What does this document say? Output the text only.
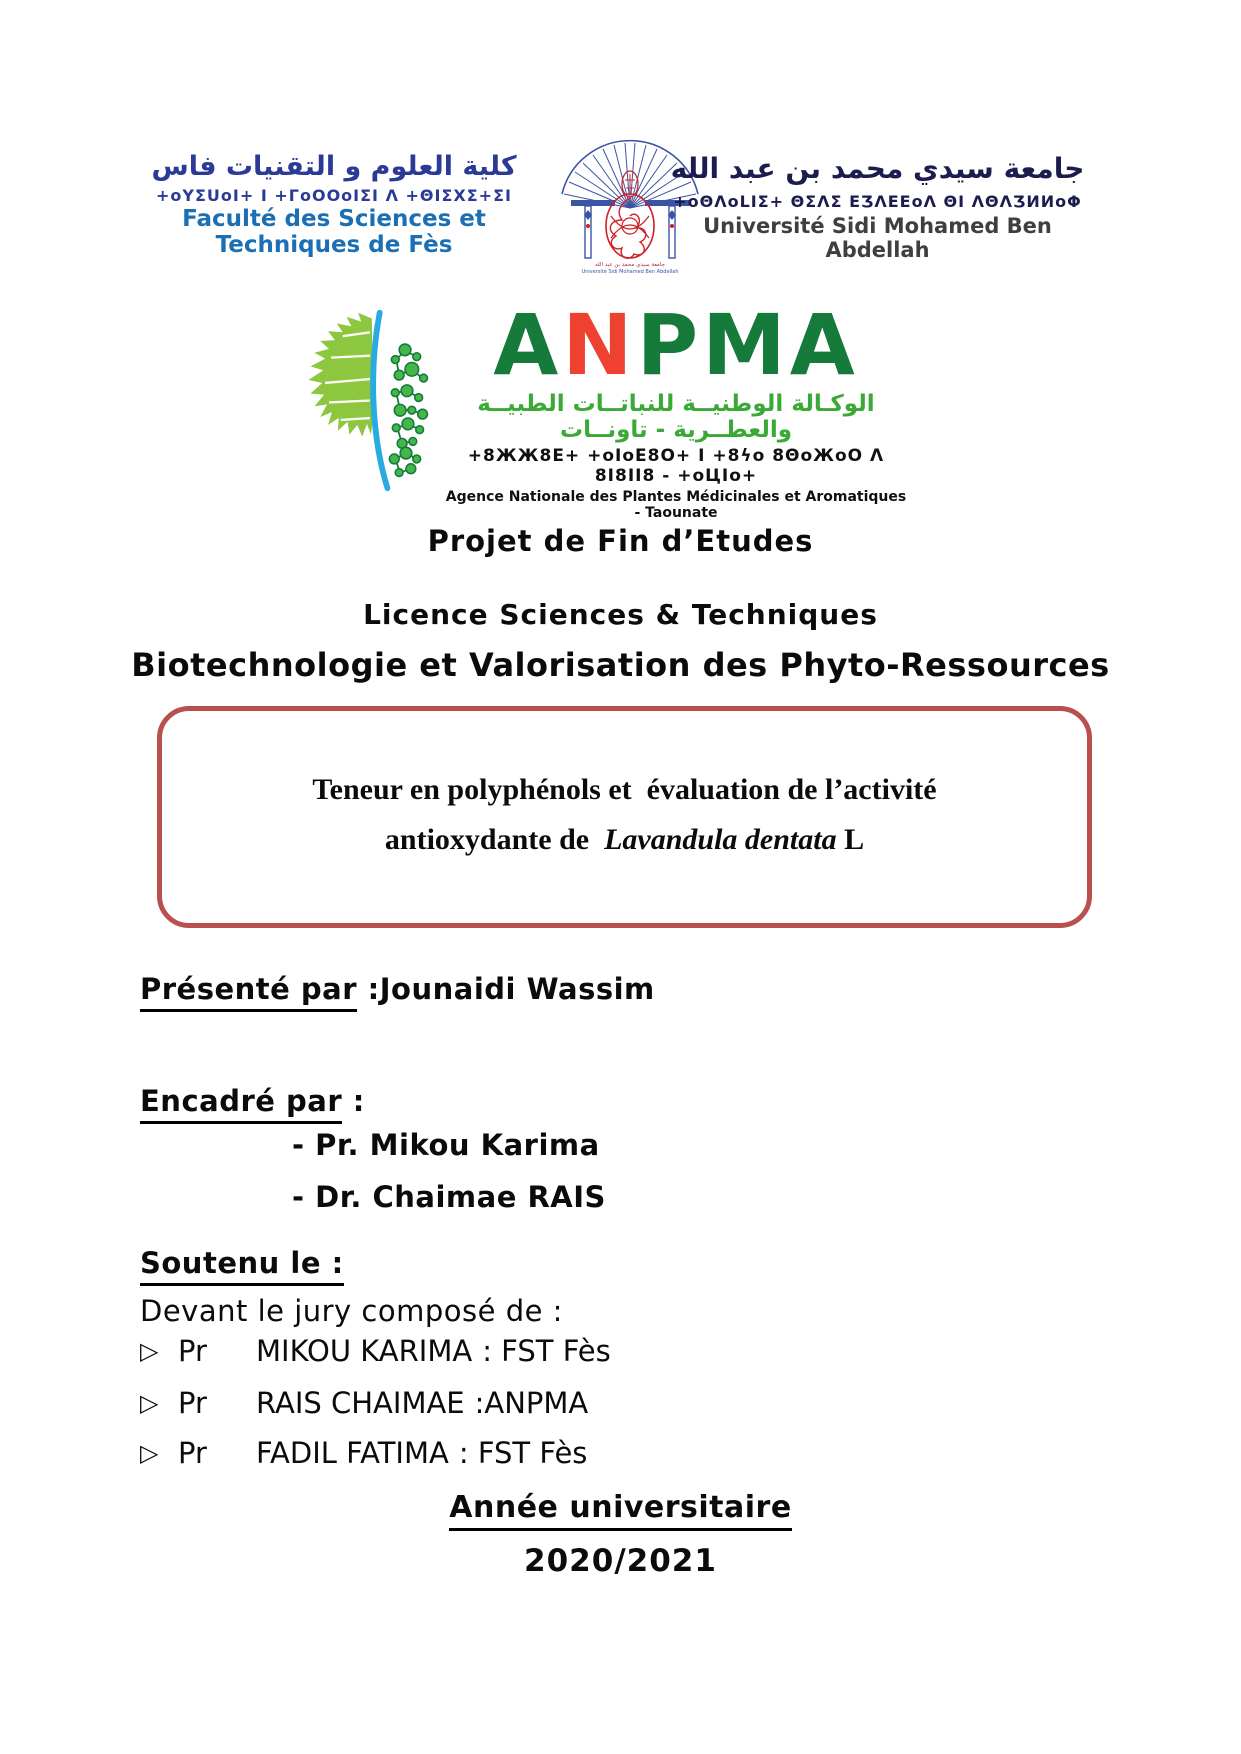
كلية العلوم و التقنيات فاس
+oYΣUoI+ I +ΓoOOoIΣΙ Λ +ΘΙΣΧΣ+ΣΙ
Faculté des Sciences et Techniques de Fès
جامعة سيدي محمد بن عبد الله
Université Sidi Mohamed Ben Abdellah
جامعة سيدي محمد بن عبد الله
+oΘΛoLIΣ+ ΘΣΛΣ ΕƷΛΕΕoΛ ΘΙ ΛΘΛƷИИoΦ
Université Sidi Mohamed Ben Abdellah
ANPMA
الوكـالة الوطنيــة للنباتــات الطبيــة والعطــرية - تاونــات
+8ЖЖ8Ε+ +oIoΕ8O+ I +8ϟo 8ΘoЖoO Λ 8Ι8ΙΙ8 - +oЦIo+
Agence Nationale des Plantes Médicinales et Aromatiques - Taounate
Projet de Fin d’Etudes
Licence Sciences & Techniques
Biotechnologie et Valorisation des Phyto-Ressources
Teneur en polyphénols et  évaluation de l’activité
antioxydante de  Lavandula dentata L
Présenté par :Jounaidi Wassim
Encadré par :
- Pr. Mikou Karima
- Dr. Chaimae RAIS
Soutenu le :
Devant le jury composé de :
▷ Pr MIKOU KARIMA : FST Fès
▷ Pr RAIS CHAIMAE :ANPMA
▷ Pr FADIL FATIMA : FST Fès
Année universitaire
2020/2021
